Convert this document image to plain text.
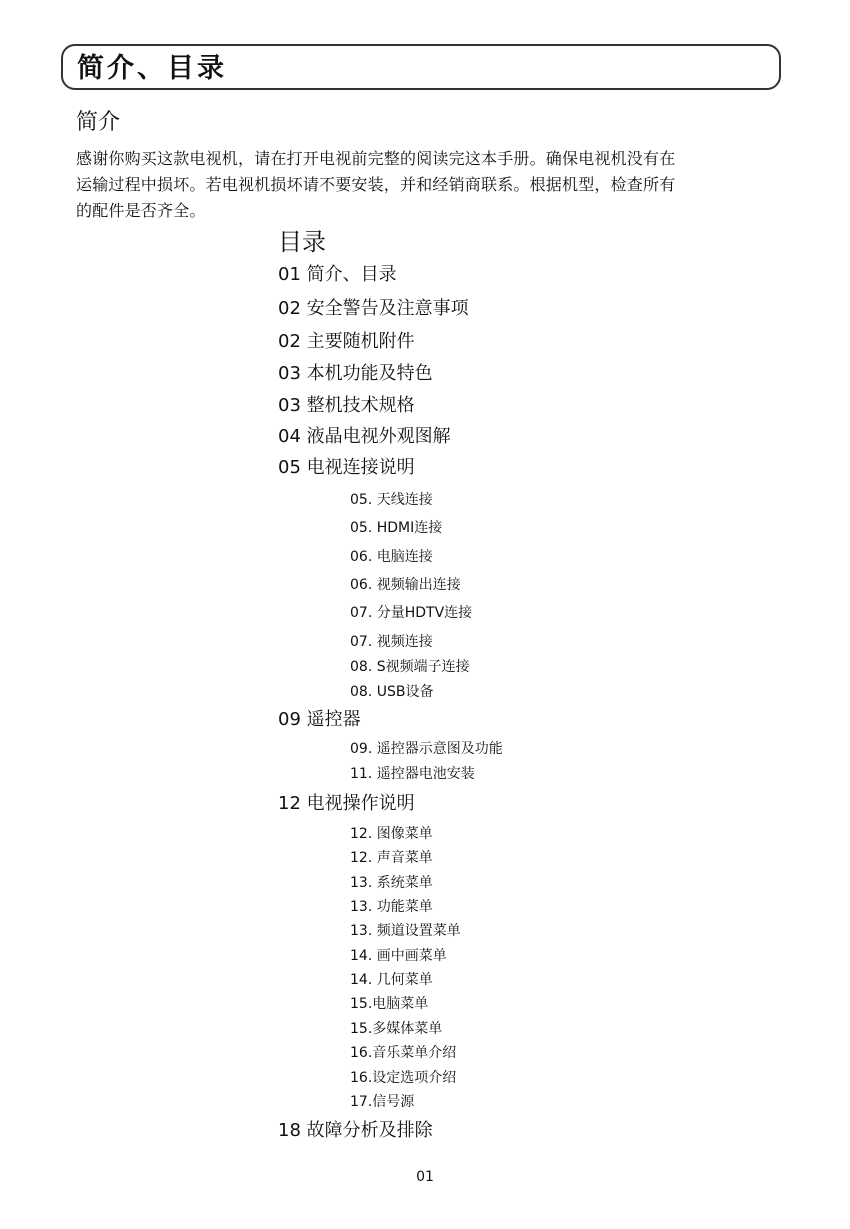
简介、目录
简介
感谢你购买这款电视机，请在打开电视前完整的阅读完这本手册。确保电视机没有在
运输过程中损坏。若电视机损坏请不要安装，并和经销商联系。根据机型，检查所有
的配件是否齐全。
目录
01 简介、目录
02 安全警告及注意事项
02 主要随机附件
03 本机功能及特色
03 整机技术规格
04 液晶电视外观图解
05 电视连接说明
05. 天线连接
05. HDMI连接
06. 电脑连接
06. 视频输出连接
07. 分量HDTV连接
07. 视频连接
08. S视频端子连接
08. USB设备
09 遥控器
09. 遥控器示意图及功能
11. 遥控器电池安装
12 电视操作说明
12. 图像菜单
12. 声音菜单
13. 系统菜单
13. 功能菜单
13. 频道设置菜单
14. 画中画菜单
14. 几何菜单
15.电脑菜单
15.多媒体菜单
16.音乐菜单介绍
16.设定选项介绍
17.信号源
18 故障分析及排除
01
